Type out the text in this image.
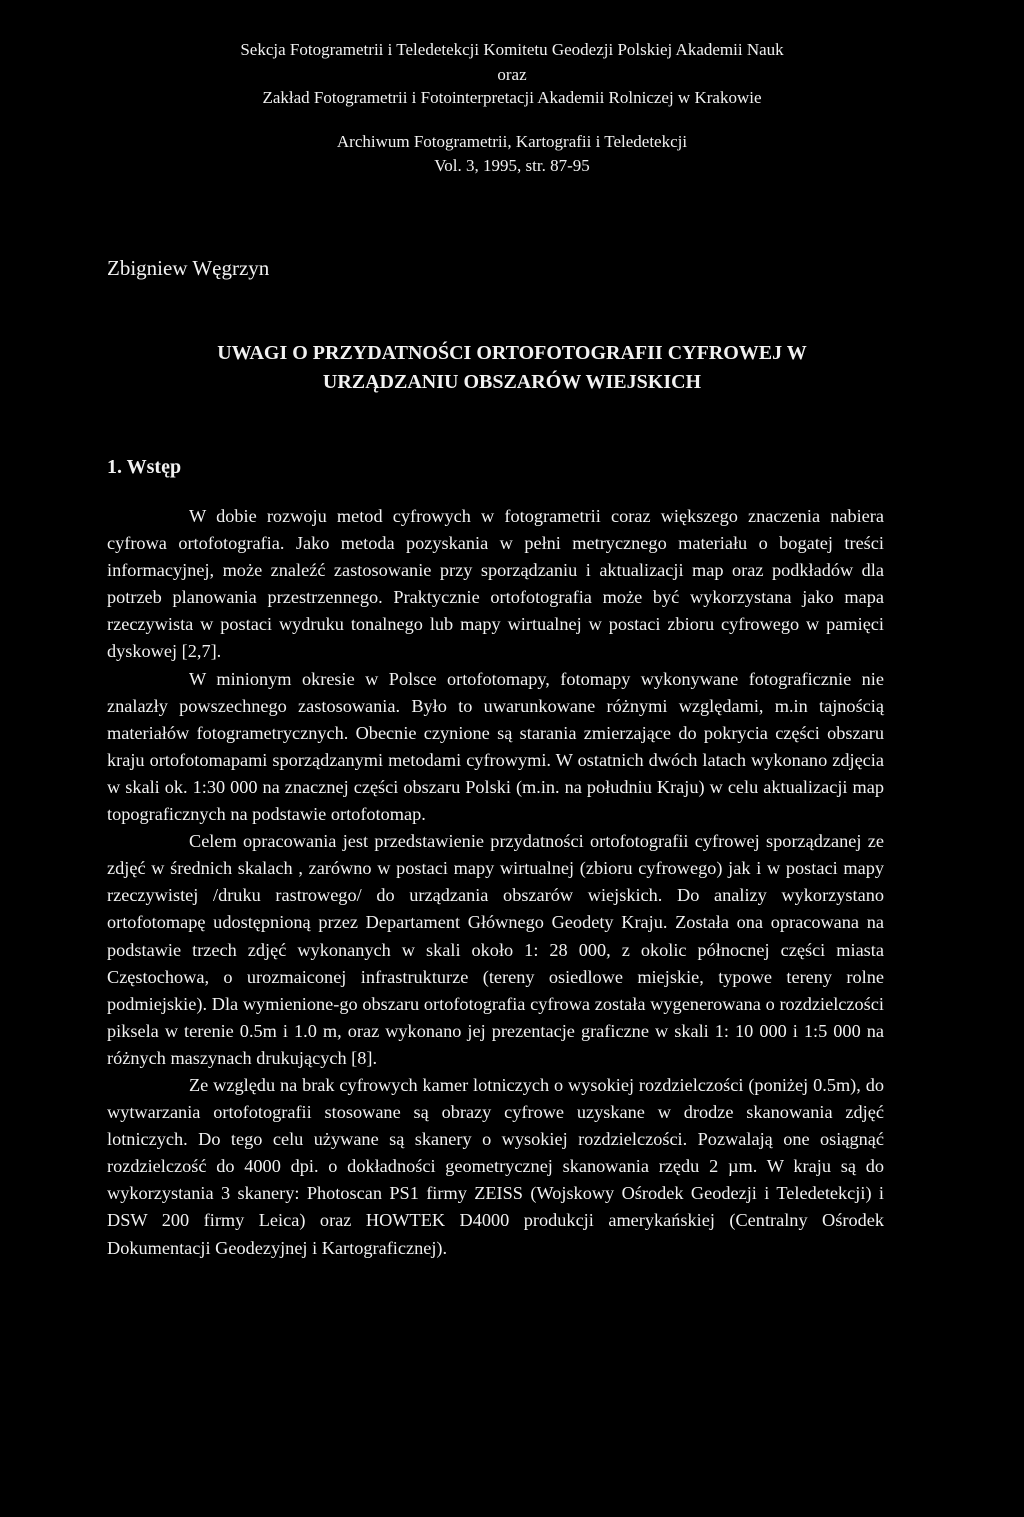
Sekcja Fotogrametrii i Teledetekcji Komitetu Geodezji Polskiej Akademii Nauk
oraz
Zakład Fotogrametrii i Fotointerpretacji Akademii Rolniczej w Krakowie
Archiwum Fotogrametrii, Kartografii i Teledetekcji
Vol. 3, 1995, str. 87-95
Zbigniew Węgrzyn
UWAGI O PRZYDATNOŚCI ORTOFOTOGRAFII CYFROWEJ W
URZĄDZANIU OBSZARÓW WIEJSKICH
1. Wstęp

W dobie rozwoju metod cyfrowych w fotogrametrii coraz większego znaczenia nabiera cyfrowa ortofotografia. Jako metoda pozyskania w pełni metrycznego materiału o bogatej treści informacyjnej, może znaleźć zastosowanie przy sporządzaniu i aktualizacji map oraz podkładów dla potrzeb planowania przestrzennego. Praktycznie ortofotografia może być wykorzystana jako mapa rzeczywista w postaci wydruku tonalnego lub mapy wirtualnej w postaci zbioru cyfrowego w pamięci dyskowej [2,7].

W minionym okresie w Polsce ortofotomapy, fotomapy wykonywane fotograficznie nie znalazły powszechnego zastosowania. Było to uwarunkowane różnymi względami, m.in tajnością materiałów fotogrametrycznych. Obecnie czynione są starania zmierzające do pokrycia części obszaru kraju ortofotomapami sporządzanymi metodami cyfrowymi. W ostatnich dwóch latach wykonano zdjęcia w skali ok. 1:30 000 na znacznej części obszaru Polski (m.in. na południu Kraju) w celu aktualizacji map topograficznych na podstawie ortofotomap.

Celem opracowania jest przedstawienie przydatności ortofotografii cyfrowej sporządzanej ze zdjęć w średnich skalach , zarówno w postaci mapy wirtualnej (zbioru cyfrowego) jak i w postaci mapy rzeczywistej /druku rastrowego/ do urządzania obszarów wiejskich. Do analizy wykorzystano ortofotomapę udostępnioną przez Departament Głównego Geodety Kraju. Została ona opracowana na podstawie trzech zdjęć wykonanych w skali około 1: 28 000, z okolic północnej części miasta Częstochowa, o urozmaiconej infrastrukturze (tereny osiedlowe miejskie, typowe tereny rolne podmiejskie). Dla wymienione-go obszaru ortofotografia cyfrowa została wygenerowana o rozdzielczości piksela w terenie 0.5m i 1.0 m, oraz wykonano jej prezentacje graficzne w skali 1: 10 000 i 1:5 000 na różnych maszynach drukujących [8].

Ze względu na brak cyfrowych kamer lotniczych o wysokiej rozdzielczości (poniżej 0.5m), do wytwarzania ortofotografii stosowane są obrazy cyfrowe uzyskane w drodze skanowania zdjęć lotniczych. Do tego celu używane są skanery o wysokiej rozdzielczości. Pozwalają one osiągnąć rozdzielczość do 4000 dpi. o dokładności geometrycznej skanowania rzędu 2 µm. W kraju są do wykorzystania 3 skanery: Photoscan PS1 firmy ZEISS (Wojskowy Ośrodek Geodezji i Teledetekcji) i DSW 200 firmy Leica) oraz HOWTEK D4000 produkcji amerykańskiej (Centralny Ośrodek Dokumentacji Geodezyjnej i Kartograficznej).
